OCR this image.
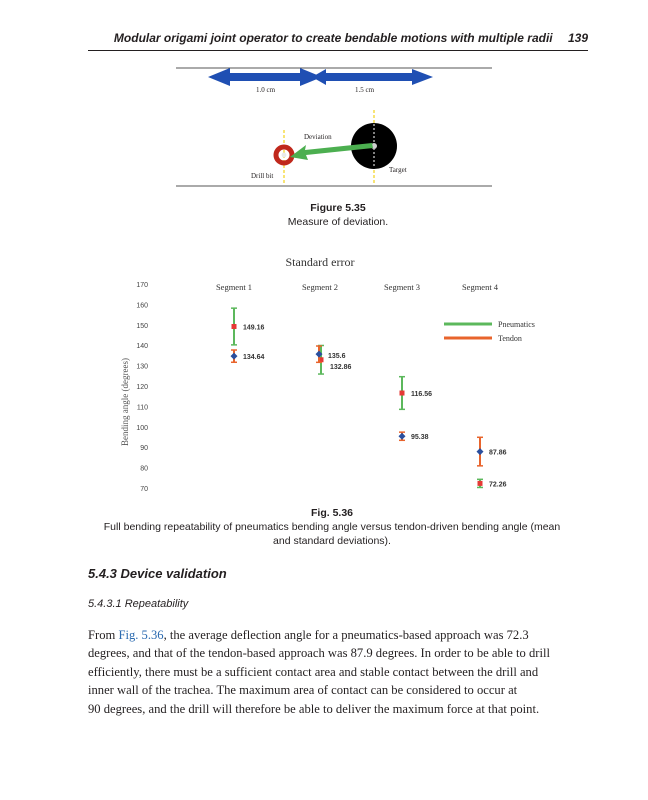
Modular origami joint operator to create bendable motions with multiple radii 139
1.0 cm	1.5 cm
Deviation
Drill bit
Target
Figure 5.35
Measure of deviation.
Standard error
Bending angle (degrees)
70
80
90
100
110
120
130
140
150
160
170	Segment 1	Segment 2	Segment 3	Segment 4
149.16
132.86
116.56
72.26
134.64	135.6
95.38
87.86
Pneumatics
Tendon
Fig. 5.36
Full bending repeatability of pneumatics bending angle versus tendon-driven bending angle (mean
and standard deviations).
5.4.3 Device validation
5.4.3.1 Repeatability
From Fig. 5.36, the average deflection angle for a pneumatics-based approach was 72.3
degrees, and that of the tendon-based approach was 87.9 degrees. In order to be able to drill
efficiently, there must be a sufficient contact area and stable contact between the drill and
inner wall of the trachea. The maximum area of contact can be considered to occur at
90 degrees, and the drill will therefore be able to deliver the maximum force at that point.
